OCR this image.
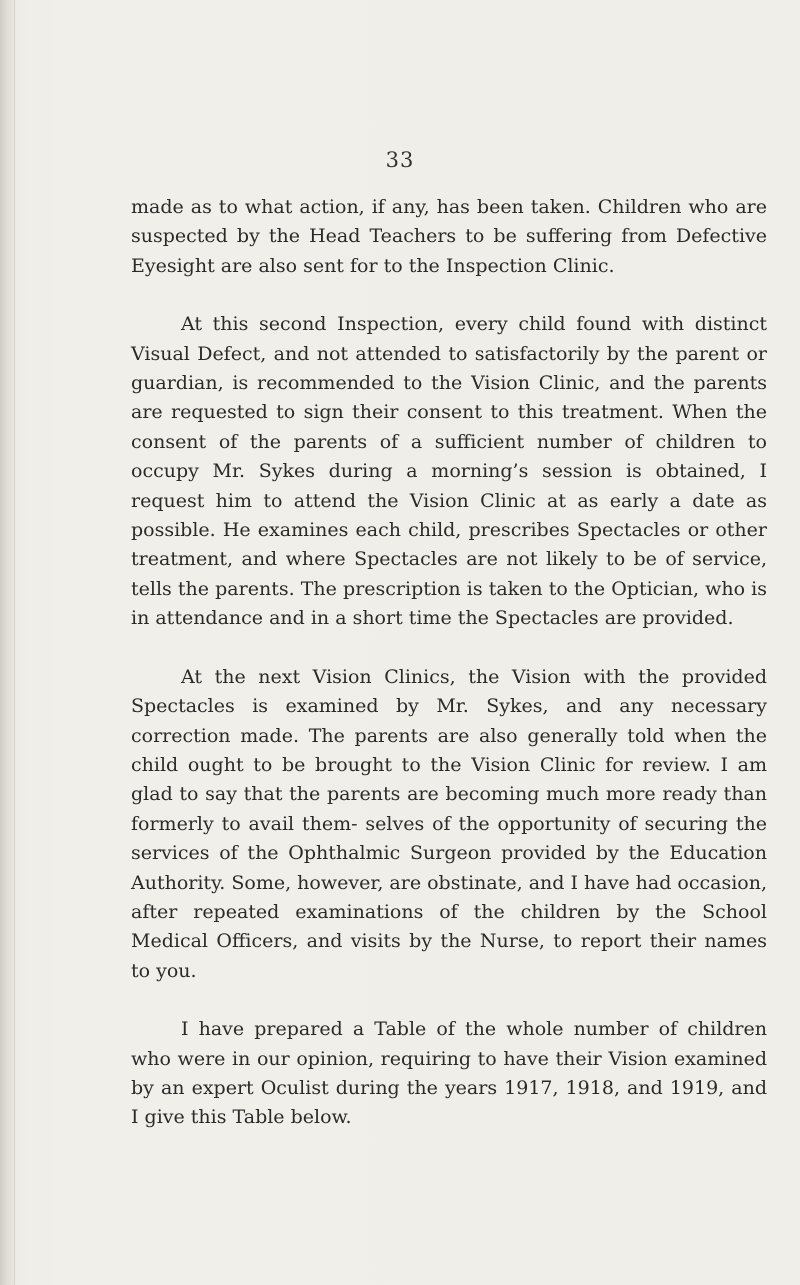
33

made as to what action, if any, has been taken. Children who are suspected by the Head Teachers to be suffering from Defective Eyesight are also sent for to the Inspection Clinic.

At this second Inspection, every child found with distinct Visual Defect, and not attended to satisfactorily by the parent or guardian, is recommended to the Vision Clinic, and the parents are requested to sign their consent to this treatment. When the consent of the parents of a sufficient number of children to occupy Mr. Sykes during a morning’s session is obtained, I request him to attend the Vision Clinic at as early a date as possible. He examines each child, prescribes Spectacles or other treatment, and where Spectacles are not likely to be of service, tells the parents. The prescription is taken to the Optician, who is in attendance and in a short time the Spectacles are provided.

At the next Vision Clinics, the Vision with the provided Spectacles is examined by Mr. Sykes, and any necessary correction made. The parents are also generally told when the child ought to be brought to the Vision Clinic for review. I am glad to say that the parents are becoming much more ready than formerly to avail them- selves of the opportunity of securing the services of the Ophthalmic Surgeon provided by the Education Authority. Some, however, are obstinate, and I have had occasion, after repeated examinations of the children by the School Medical Officers, and visits by the Nurse, to report their names to you.

I have prepared a Table of the whole number of children who were in our opinion, requiring to have their Vision examined by an expert Oculist during the years 1917, 1918, and 1919, and I give this Table below.
